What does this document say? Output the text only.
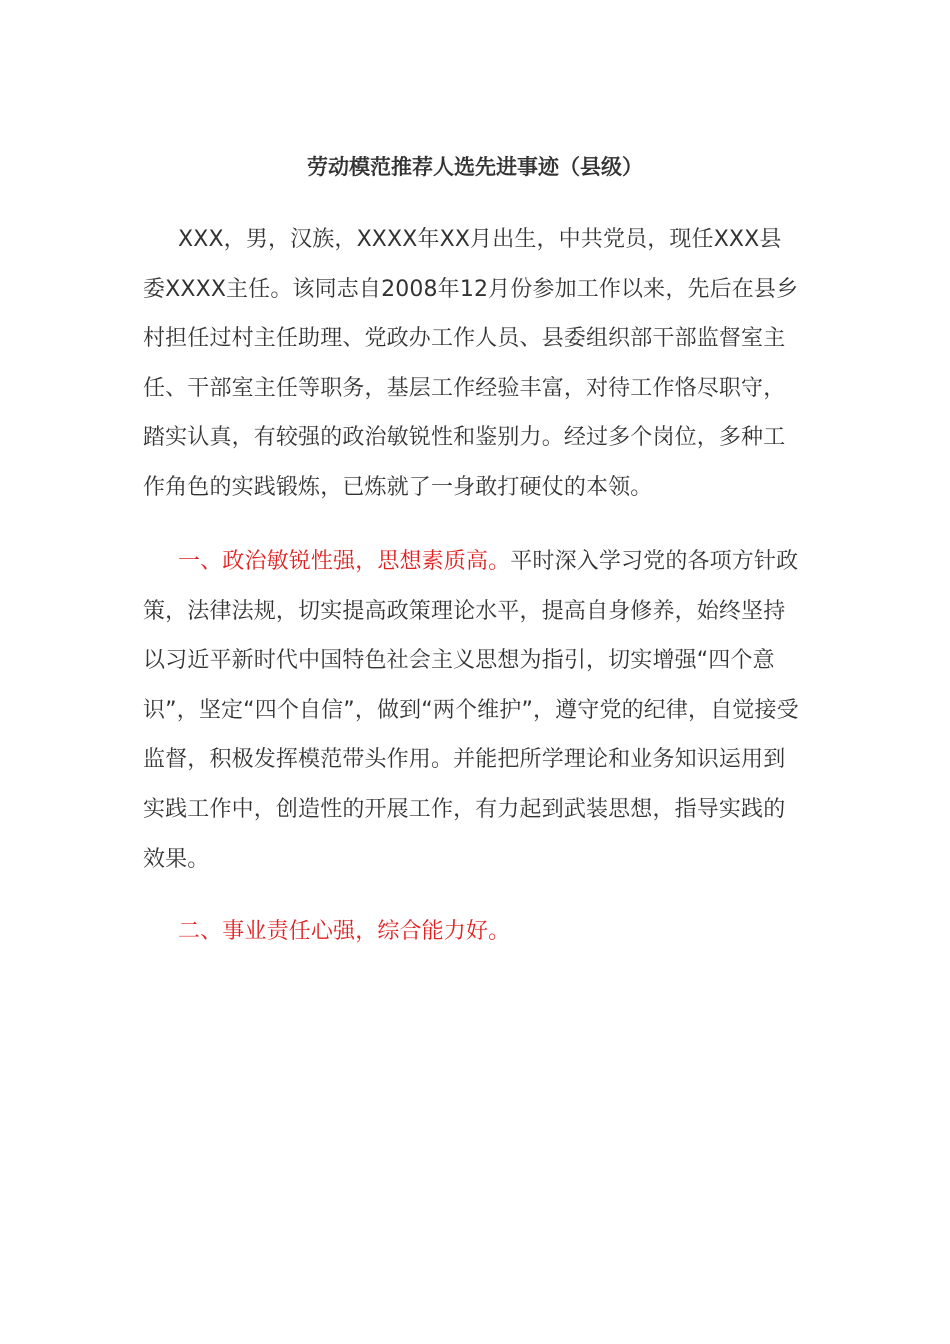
劳动模范推荐人选先进事迹（县级）
XXX，男，汉族，XXXX年XX月出生，中共党员，现任XXX县委XXXX主任。该同志自2008年12月份参加工作以来，先后在县乡村担任过村主任助理、党政办工作人员、县委组织部干部监督室主任、干部室主任等职务，基层工作经验丰富，对待工作恪尽职守，踏实认真，有较强的政治敏锐性和鉴别力。经过多个岗位，多种工作角色的实践锻炼，已炼就了一身敢打硬仗的本领。
一、政治敏锐性强，思想素质高。平时深入学习党的各项方针政策，法律法规，切实提高政策理论水平，提高自身修养，始终坚持以习近平新时代中国特色社会主义思想为指引，切实增强“四个意识”，坚定“四个自信”，做到“两个维护”，遵守党的纪律，自觉接受监督，积极发挥模范带头作用。并能把所学理论和业务知识运用到实践工作中，创造性的开展工作，有力起到武装思想，指导实践的效果。
二、事业责任心强，综合能力好。
